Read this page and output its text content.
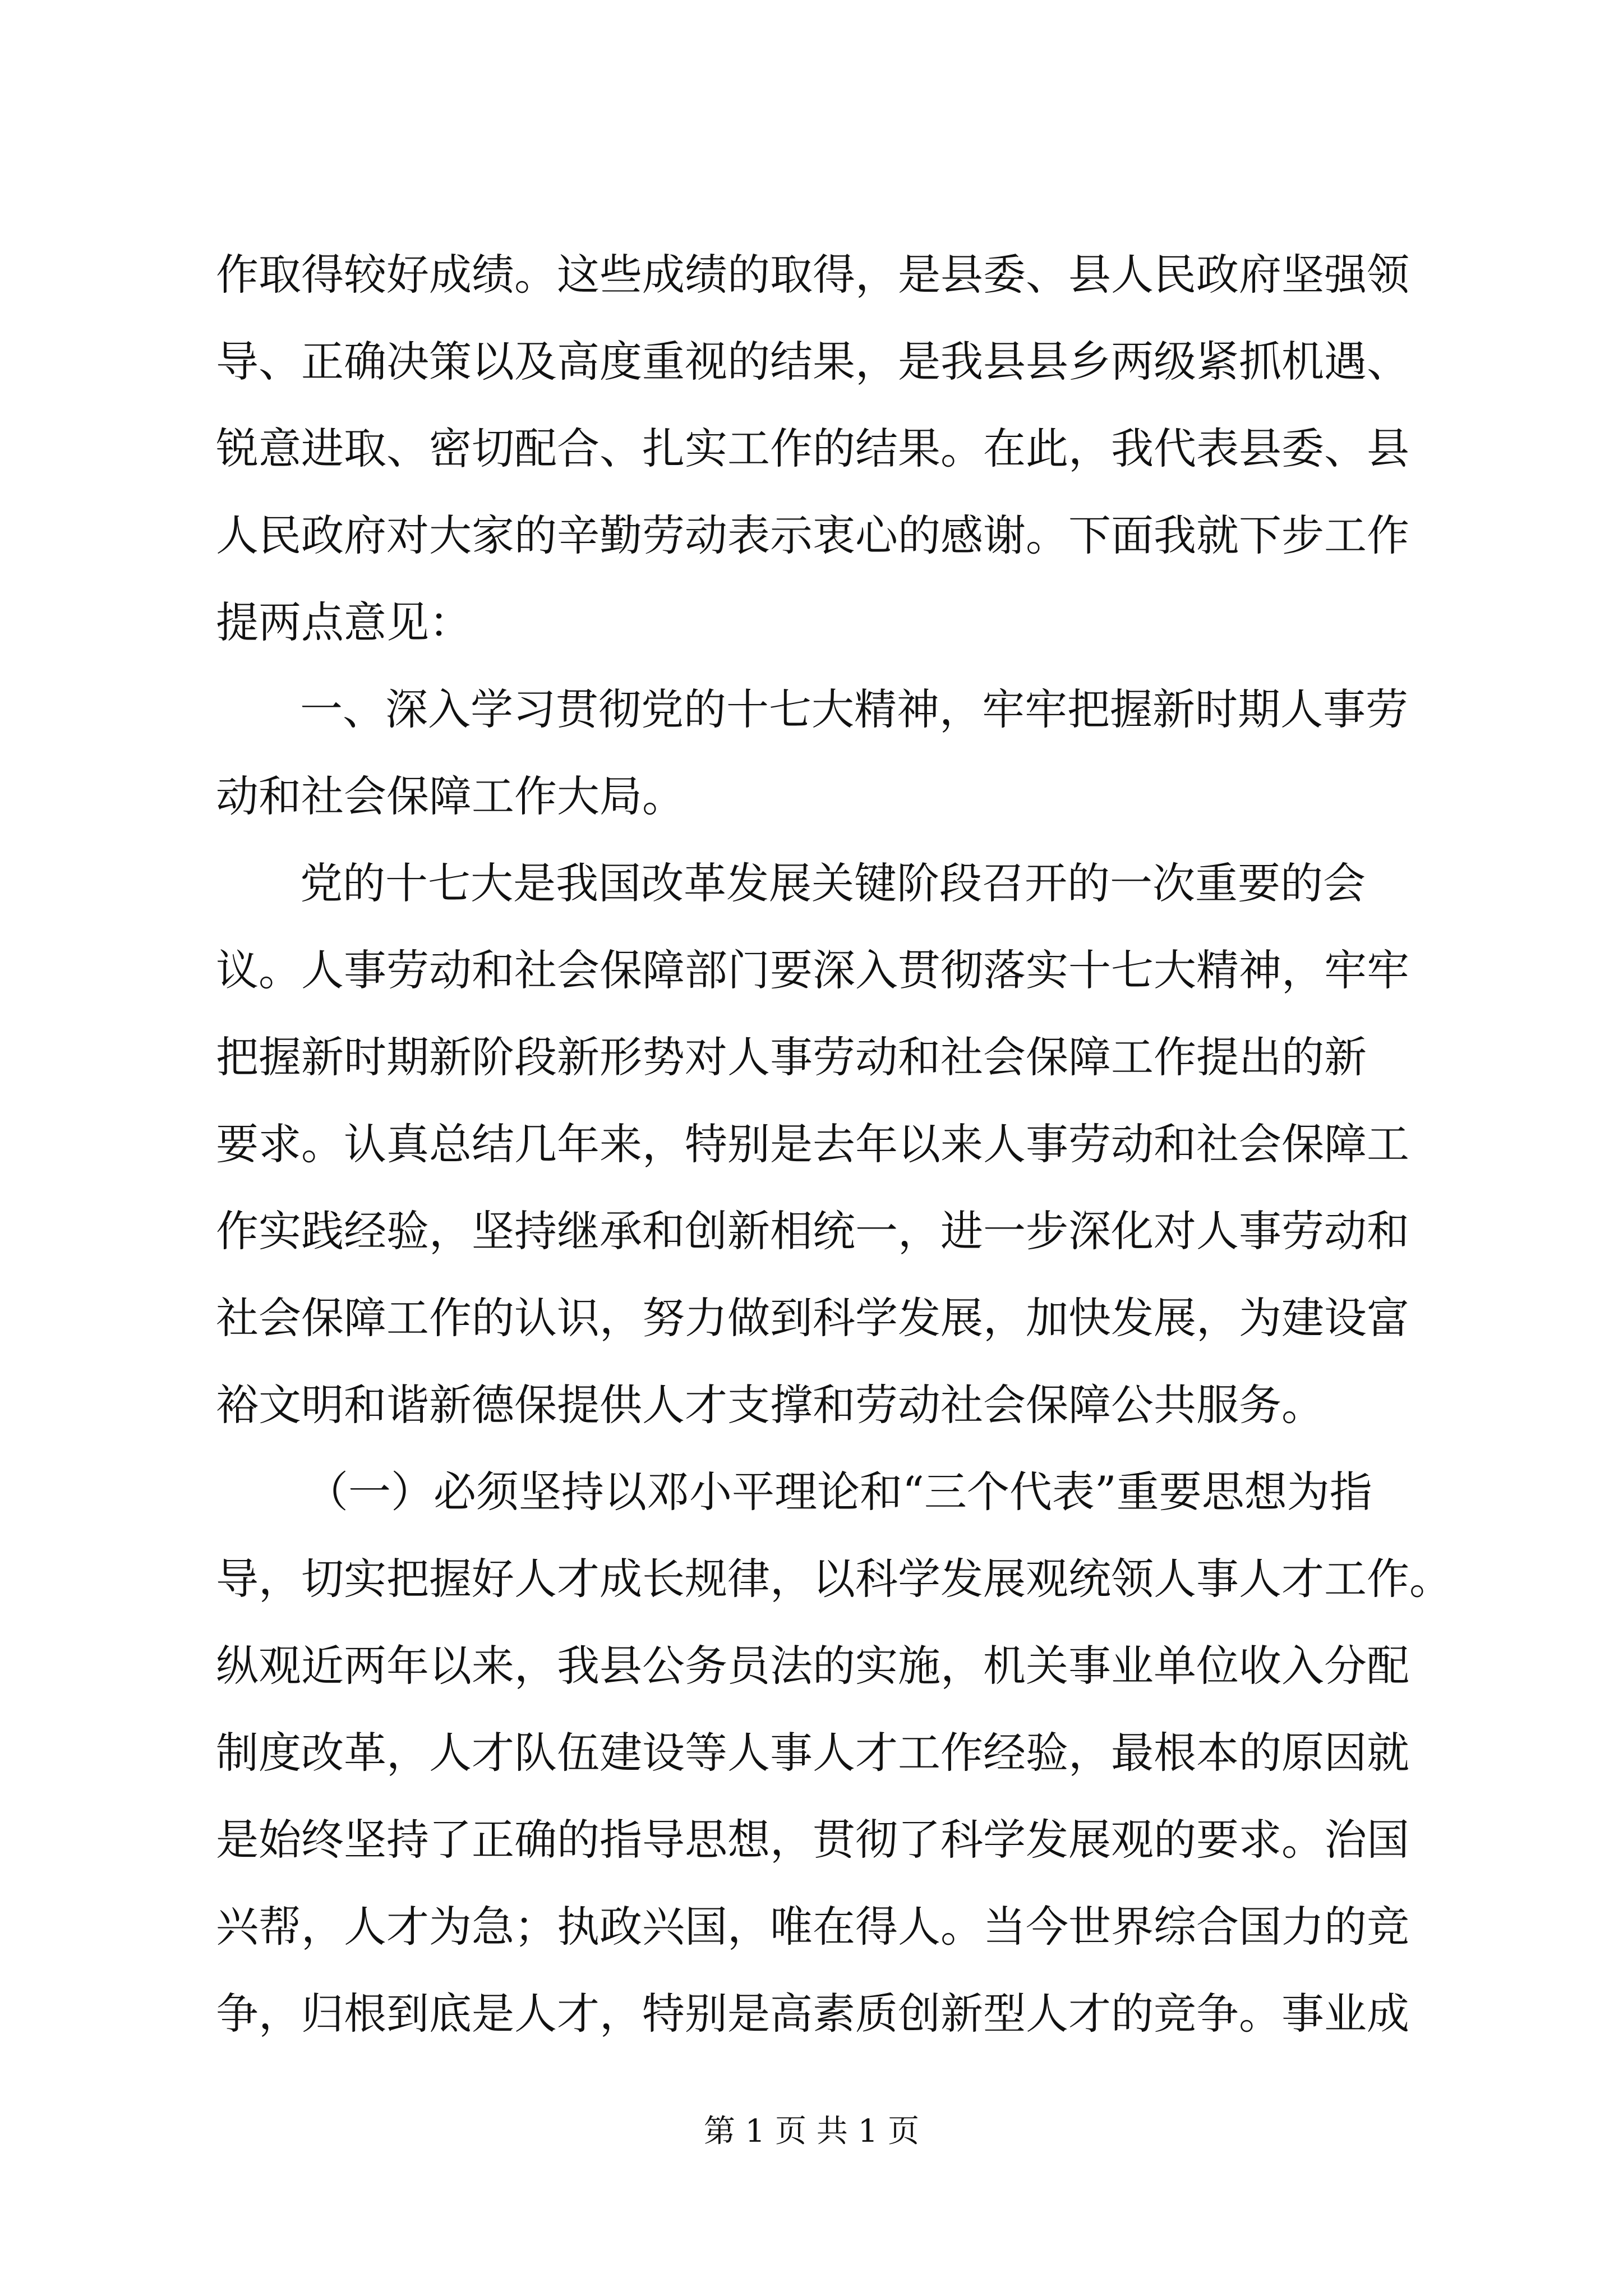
作取得较好成绩。这些成绩的取得，是县委、县人民政府坚强领
导、正确决策以及高度重视的结果，是我县县乡两级紧抓机遇、
锐意进取、密切配合、扎实工作的结果。在此，我代表县委、县
人民政府对大家的辛勤劳动表示衷心的感谢。下面我就下步工作
提两点意见：
一、深入学习贯彻党的十七大精神，牢牢把握新时期人事劳
动和社会保障工作大局。
党的十七大是我国改革发展关键阶段召开的一次重要的会
议。人事劳动和社会保障部门要深入贯彻落实十七大精神，牢牢
把握新时期新阶段新形势对人事劳动和社会保障工作提出的新
要求。认真总结几年来，特别是去年以来人事劳动和社会保障工
作实践经验，坚持继承和创新相统一，进一步深化对人事劳动和
社会保障工作的认识，努力做到科学发展，加快发展，为建设富
裕文明和谐新德保提供人才支撑和劳动社会保障公共服务。
（一）必须坚持以邓小平理论和“三个代表”重要思想为指
导，切实把握好人才成长规律，以科学发展观统领人事人才工作。
纵观近两年以来，我县公务员法的实施，机关事业单位收入分配
制度改革，人才队伍建设等人事人才工作经验，最根本的原因就
是始终坚持了正确的指导思想，贯彻了科学发展观的要求。治国
兴帮，人才为急；执政兴国，唯在得人。当今世界综合国力的竞
争，归根到底是人才，特别是高素质创新型人才的竞争。事业成
第 1 页 共 1 页
